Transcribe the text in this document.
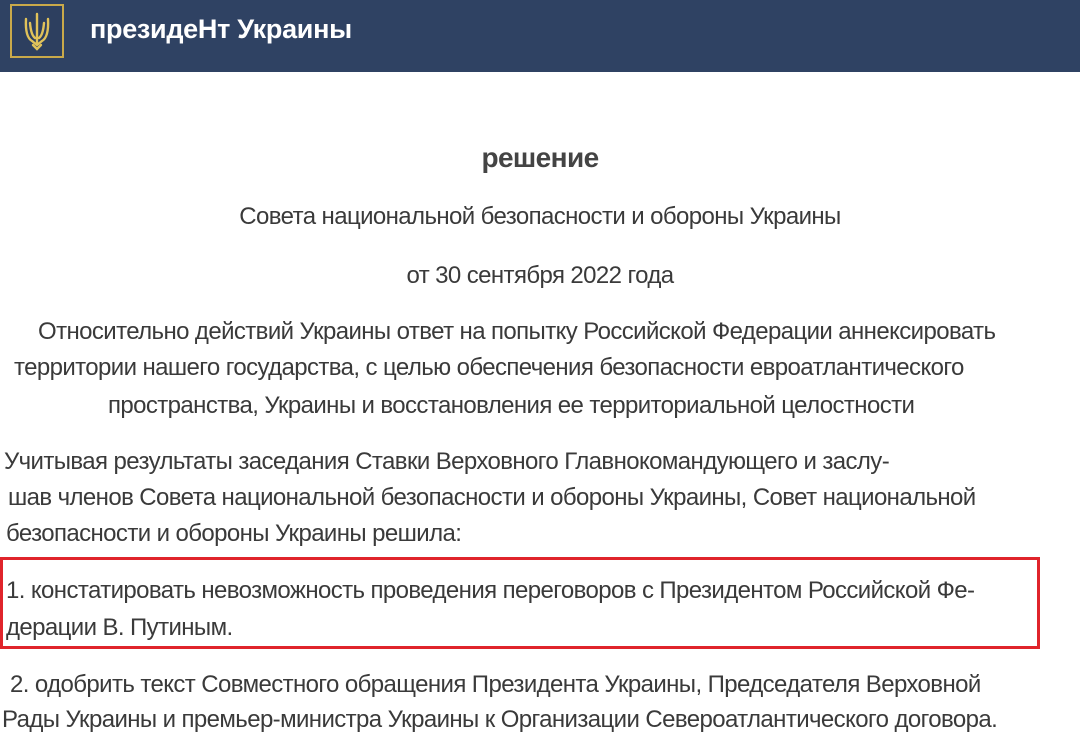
президеНт Украины
решение
Совета национальной безопасности и обороны Украины
от 30 сентября 2022 года
Относительно действий Украины ответ на попытку Российской Федерации аннексировать
территории нашего государства, с целью обеспечения безопасности евроатлантического
пространства, Украины и восстановления ее территориальной целостности
Учитывая результаты заседания Ставки Верховного Главнокомандующего и заслу-
шав членов Совета национальной безопасности и обороны Украины, Совет национальной
безопасности и обороны Украины решила:
1. констатировать невозможность проведения переговоров с Президентом Российской Фе-
дерации В. Путиным.
2. одобрить текст Совместного обращения Президента Украины, Председателя Верховной
Рады Украины и премьер-министра Украины к Организации Североатлантического договора.
